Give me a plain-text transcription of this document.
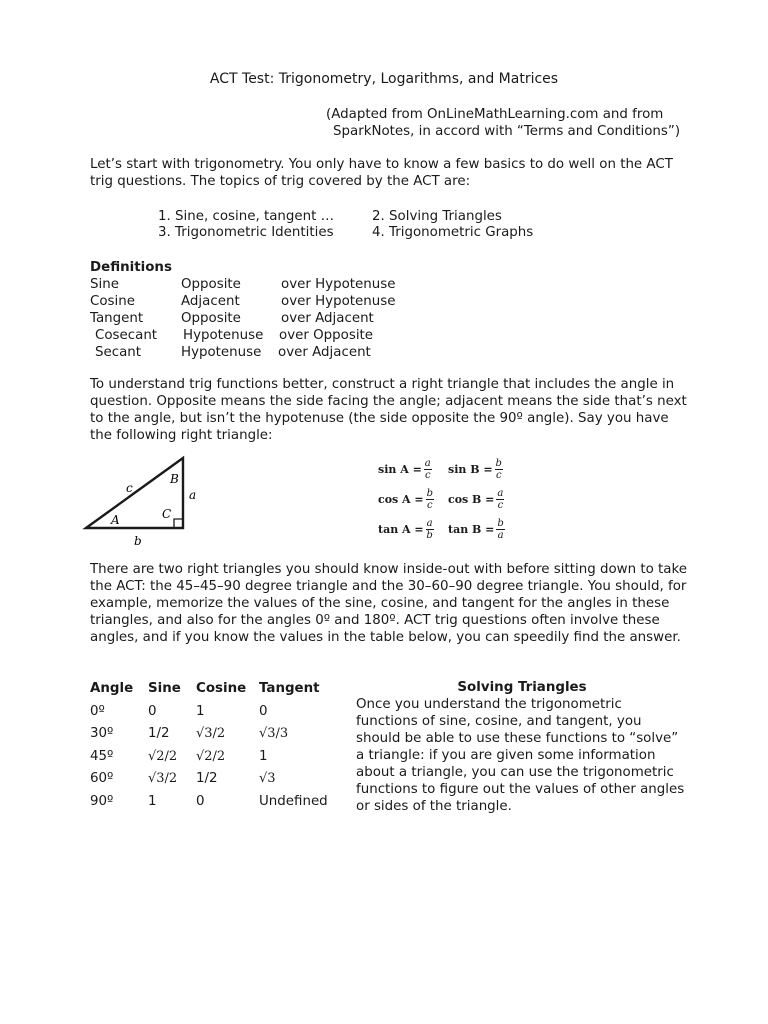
ACT Test: Trigonometry, Logarithms, and Matrices
(Adapted from OnLineMathLearning.com and from
SparkNotes, in accord with “Terms and Conditions”)
Let’s start with trigonometry. You only have to know a few basics to do well on the ACT trig questions. The topics of trig covered by the ACT are:
1. Sine, cosine, tangent …	2. Solving Triangles
3. Trigonometric Identities	4. Trigonometric Graphs
Definitions
Sine	Opposite	over Hypotenuse
Cosine	Adjacent	over Hypotenuse
Tangent	Opposite	over Adjacent
Cosecant Hypotenuse over Opposite
Secant	Hypotenuse over Adjacent
To understand trig functions better, construct a right triangle that includes the angle in question. Opposite means the side facing the angle; adjacent means the side that’s next to the angle, but isn’t the hypotenuse (the side opposite the 90º angle). Say you have the following right triangle:
c
B
a
A	C
b
$\sin A = \frac{a}{c}$ $\sin B = \frac{b}{c}$
$\cos A = \frac{b}{c}$ $\cos B = \frac{a}{c}$
$\tan A = \frac{a}{b}$ $\tan B = \frac{b}{a}$
There are two right triangles you should know inside-out with before sitting down to take the ACT: the 45–45–90 degree triangle and the 30–60–90 degree triangle. You should, for example, memorize the values of the sine, cosine, and tangent for the angles in these triangles, and also for the angles 0º and 180º. ACT trig questions often involve these angles, and if you know the values in the table below, you can speedily find the answer.
Angle Sine Cosine Tangent
0º	0	1	0
30º	1/2 √3/2	√3/3
45º	√2/2 √2/2	1
60º	√3/2 1/2	√3
90º	1	0	Undefined
Solving Triangles
Once you understand the trigonometric functions of sine, cosine, and tangent, you should be able to use these functions to “solve” a triangle: if you are given some information about a triangle, you can use the trigonometric functions to figure out the values of other angles or sides of the triangle.
